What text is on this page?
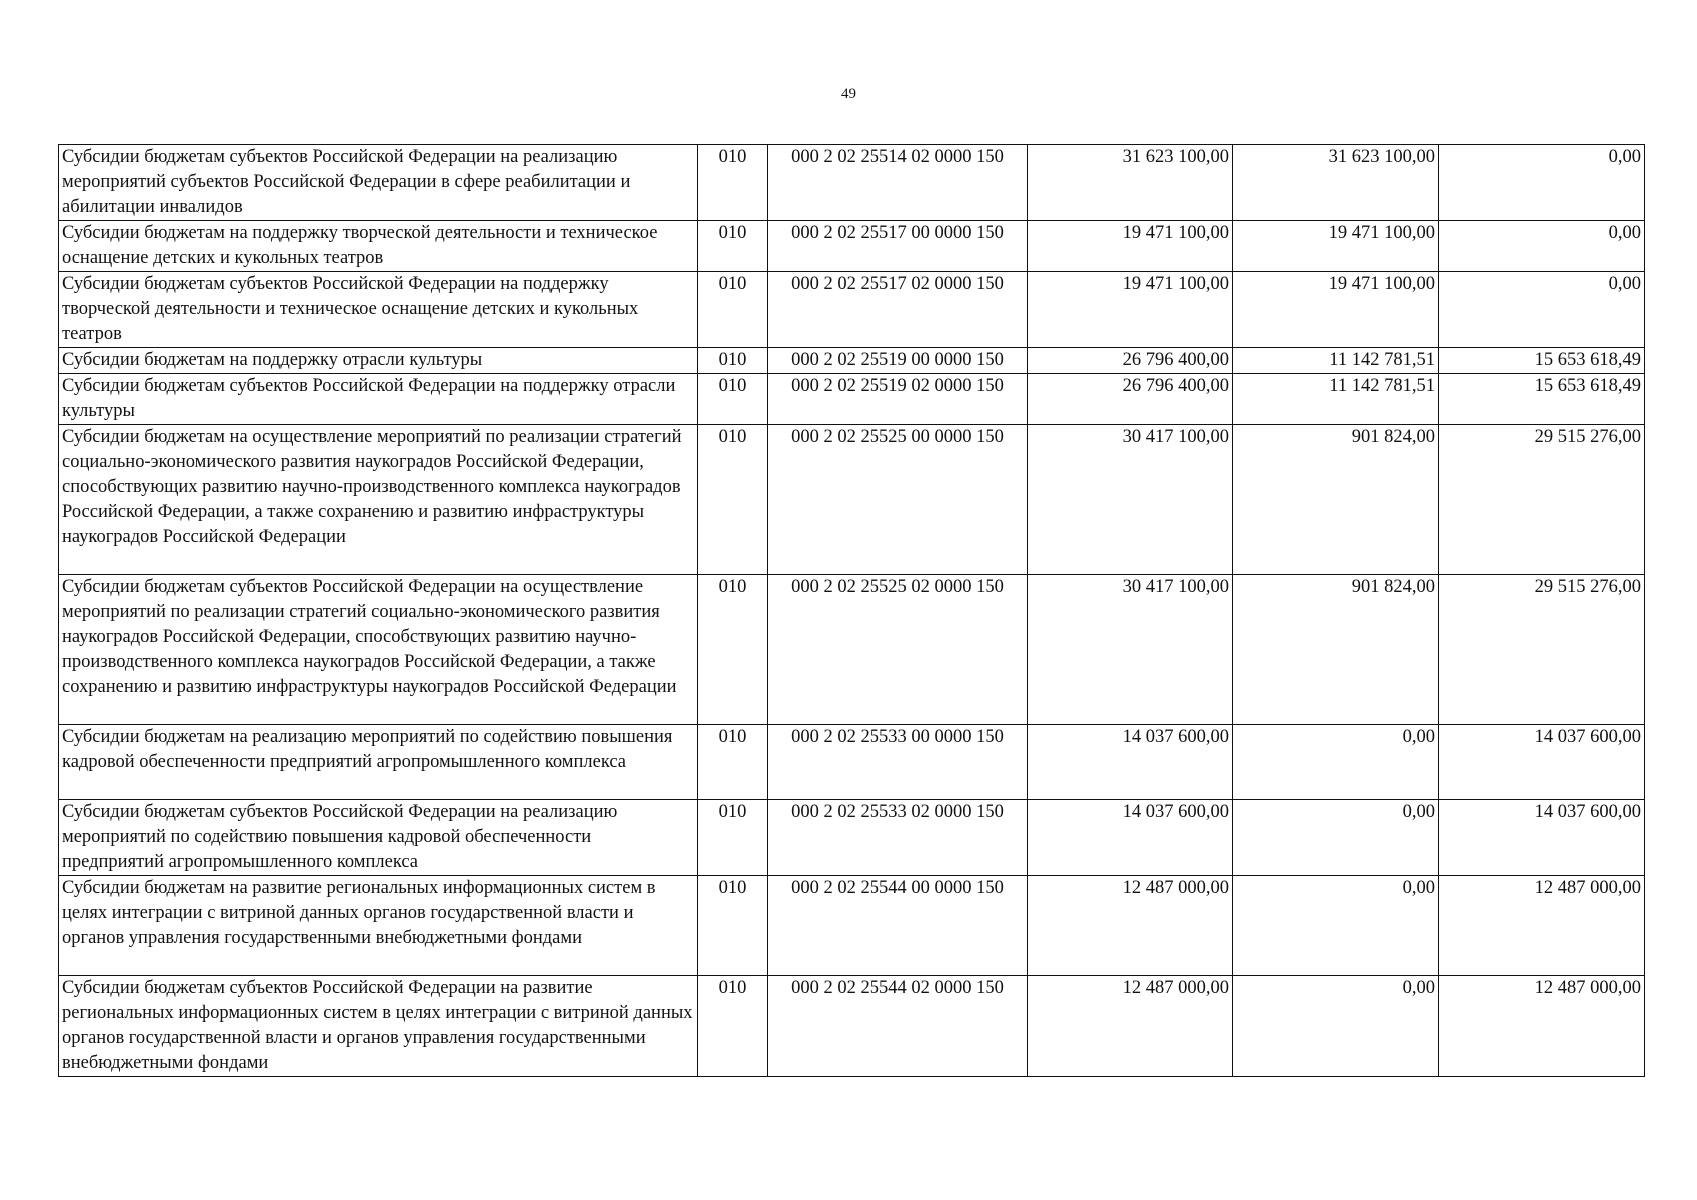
49
Субсидии бюджетам субъектов Российской Федерации на реализацию мероприятий субъектов Российской Федерации в сфере реабилитации и абилитации инвалидов	010	000 2 02 25514 02 0000 150	31 623 100,00	31 623 100,00	0,00
Субсидии бюджетам на поддержку творческой деятельности и техническое оснащение детских и кукольных театров	010	000 2 02 25517 00 0000 150	19 471 100,00	19 471 100,00	0,00
Субсидии бюджетам субъектов Российской Федерации на поддержку творческой деятельности и техническое оснащение детских и кукольных театров	010	000 2 02 25517 02 0000 150	19 471 100,00	19 471 100,00	0,00
Субсидии бюджетам на поддержку отрасли культуры	010	000 2 02 25519 00 0000 150	26 796 400,00	11 142 781,51	15 653 618,49
Субсидии бюджетам субъектов Российской Федерации на поддержку отрасли культуры	010	000 2 02 25519 02 0000 150	26 796 400,00	11 142 781,51	15 653 618,49
Субсидии бюджетам на осуществление мероприятий по реализации стратегий социально-экономического развития наукоградов Российской Федерации, способствующих развитию научно-производственного комплекса наукоградов Российской Федерации, а также сохранению и развитию инфраструктуры наукоградов Российской Федерации	010	000 2 02 25525 00 0000 150	30 417 100,00	901 824,00	29 515 276,00
Субсидии бюджетам субъектов Российской Федерации на осуществление мероприятий по реализации стратегий социально-экономического развития наукоградов Российской Федерации, способствующих развитию научно-производственного комплекса наукоградов Российской Федерации, а также сохранению и развитию инфраструктуры наукоградов Российской Федерации	010	000 2 02 25525 02 0000 150	30 417 100,00	901 824,00	29 515 276,00
Субсидии бюджетам на реализацию мероприятий по содействию повышения кадровой обеспеченности предприятий агропромышленного комплекса	010	000 2 02 25533 00 0000 150	14 037 600,00	0,00	14 037 600,00
Субсидии бюджетам субъектов Российской Федерации на реализацию мероприятий по содействию повышения кадровой обеспеченности предприятий агропромышленного комплекса	010	000 2 02 25533 02 0000 150	14 037 600,00	0,00	14 037 600,00
Субсидии бюджетам на развитие региональных информационных систем в целях интеграции с витриной данных органов государственной власти и органов управления государственными внебюджетными фондами	010	000 2 02 25544 00 0000 150	12 487 000,00	0,00	12 487 000,00
Субсидии бюджетам субъектов Российской Федерации на развитие региональных информационных систем в целях интеграции с витриной данных органов государственной власти и органов управления государственными внебюджетными фондами	010	000 2 02 25544 02 0000 150	12 487 000,00	0,00	12 487 000,00
